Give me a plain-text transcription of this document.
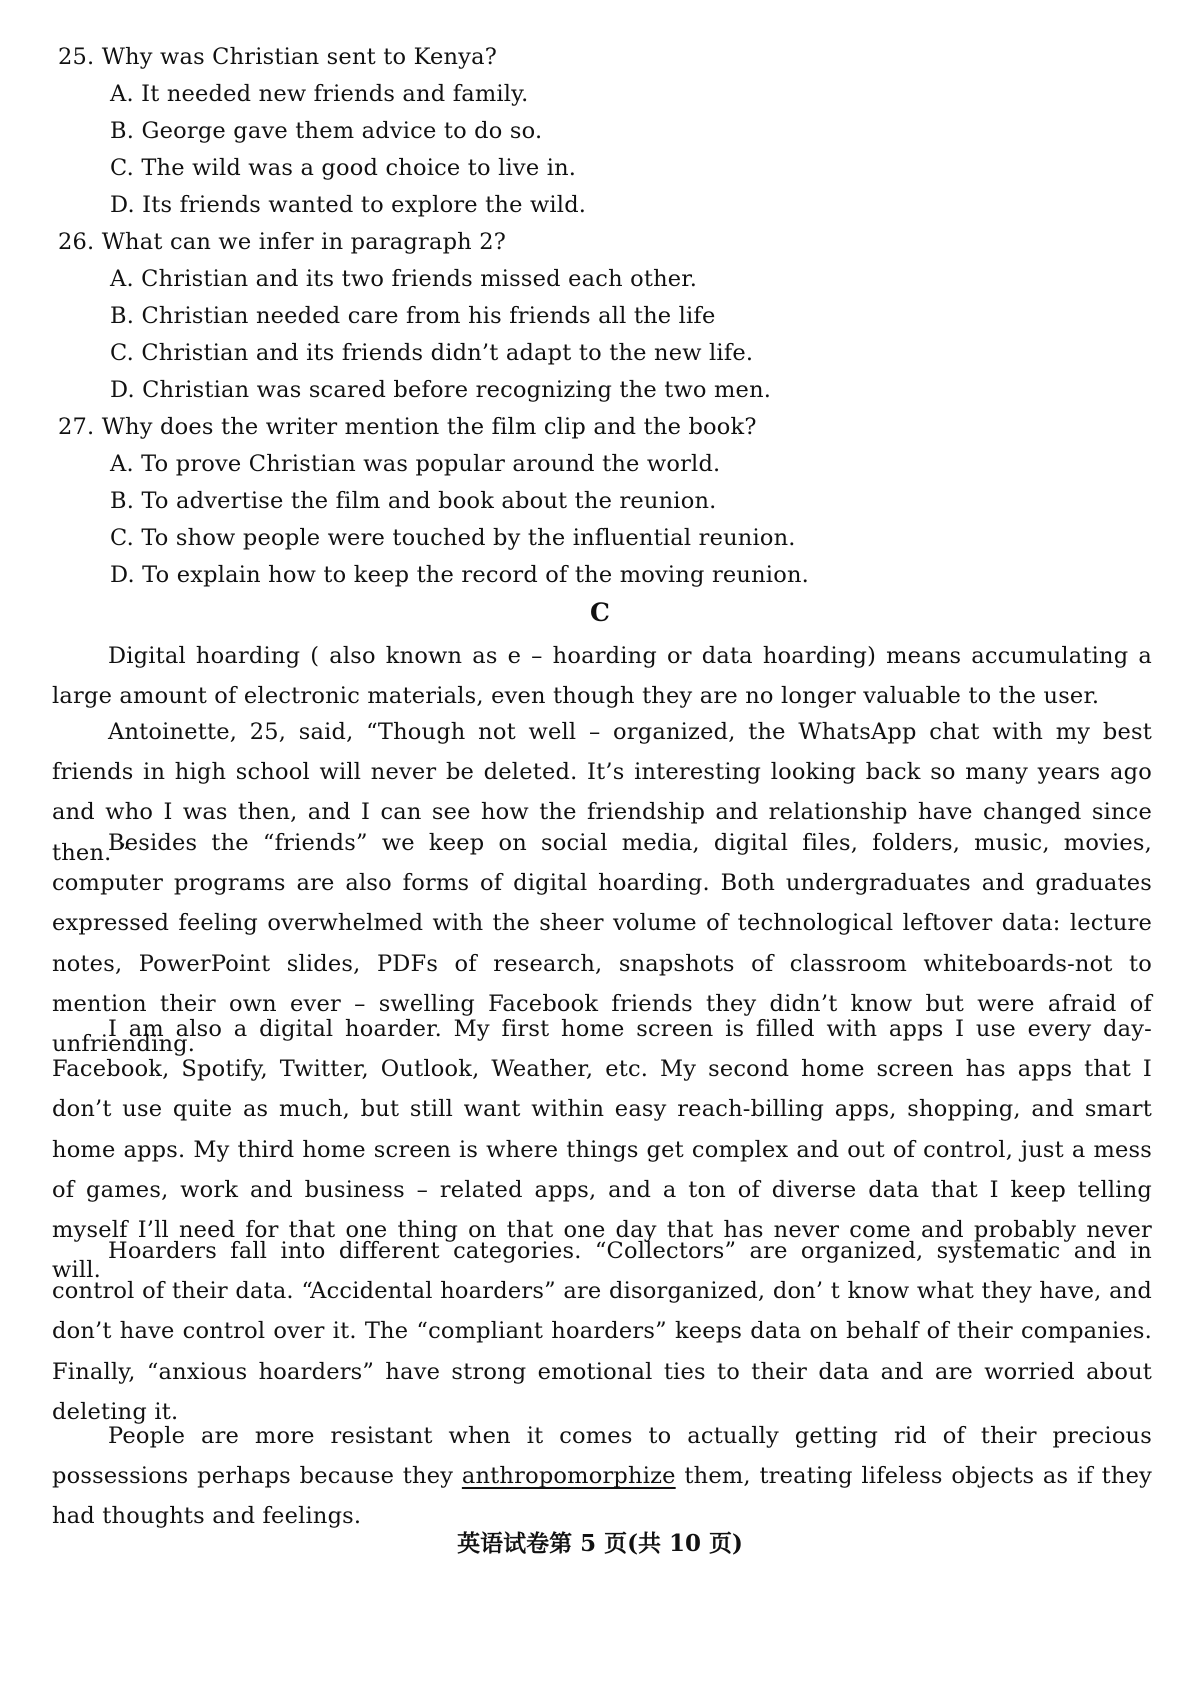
25. Why was Christian sent to Kenya?
A. It needed new friends and family.
B. George gave them advice to do so.
C. The wild was a good choice to live in.
D. Its friends wanted to explore the wild.
26. What can we infer in paragraph 2?
A. Christian and its two friends missed each other.
B. Christian needed care from his friends all the life
C. Christian and its friends didn’t adapt to the new life.
D. Christian was scared before recognizing the two men.
27. Why does the writer mention the film clip and the book?
A. To prove Christian was popular around the world.
B. To advertise the film and book about the reunion.
C. To show people were touched by the influential reunion.
D. To explain how to keep the record of the moving reunion.
C
Digital hoarding ( also known as e – hoarding or data hoarding) means accumulating a large amount of electronic materials, even though they are no longer valuable to the user.
Antoinette, 25, said, “Though not well – organized, the WhatsApp chat with my best friends in high school will never be deleted. It’s interesting looking back so many years ago and who I was then, and I can see how the friendship and relationship have changed since then. ”
Besides the “friends” we keep on social media, digital files, folders, music, movies, computer programs are also forms of digital hoarding. Both undergraduates and graduates expressed feeling overwhelmed with the sheer volume of technological leftover data: lecture notes, PowerPoint slides, PDFs of research, snapshots of classroom whiteboards-not to mention their own ever – swelling Facebook friends they didn’t know but were afraid of unfriending.
I am also a digital hoarder. My first home screen is filled with apps I use every day-Facebook, Spotify, Twitter, Outlook, Weather, etc. My second home screen has apps that I don’t use quite as much, but still want within easy reach-billing apps, shopping, and smart home apps. My third home screen is where things get complex and out of control, just a mess of games, work and business – related apps, and a ton of diverse data that I keep telling myself I’ll need for that one thing on that one day that has never come and probably never will.
Hoarders fall into different categories. “Collectors” are organized, systematic and in control of their data. “Accidental hoarders” are disorganized, don’ t know what they have, and don’t have control over it. The “compliant hoarders” keeps data on behalf of their companies. Finally, “anxious hoarders” have strong emotional ties to their data and are worried about deleting it.
People are more resistant when it comes to actually getting rid of their precious possessions perhaps because they anthropomorphize them, treating lifeless objects as if they had thoughts and feelings.
英语试卷第 5 页(共 10 页)
